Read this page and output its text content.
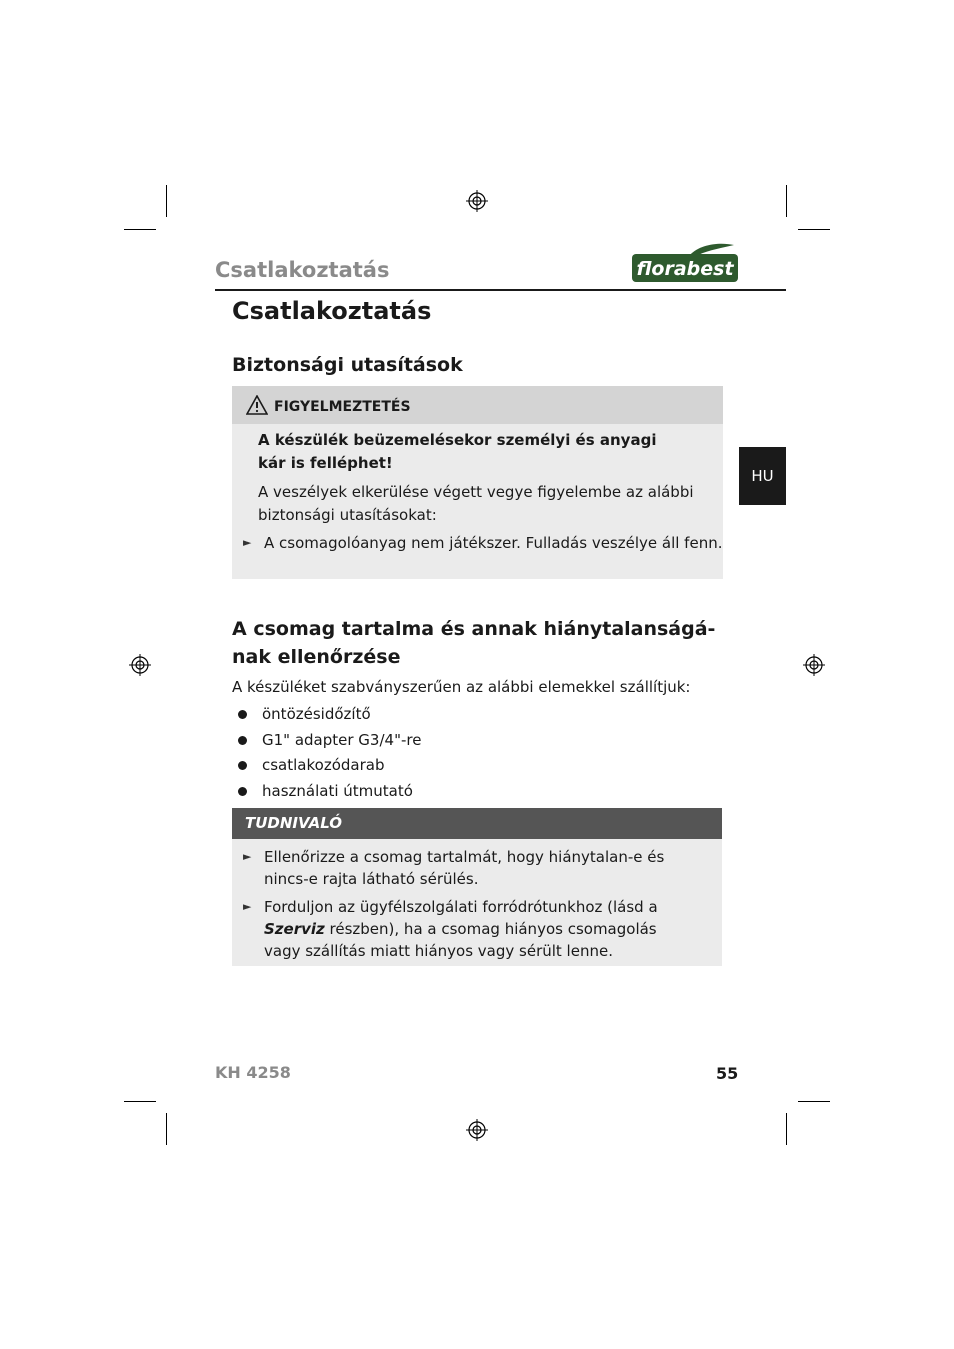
Csatlakoztatás	florabest
Csatlakoztatás
Biztonsági utasítások
FIGYELMEZTETÉS
A készülék beüzemelésekor személyi és anyagi
kár is felléphet!
A veszélyek elkerülése végett vegye figyelembe az alábbi
biztonsági utasításokat:
► A csomagolóanyag nem játékszer. Fulladás veszélye áll fenn.
HU
A csomag tartalma és annak hiánytalanságá-
nak ellenőrzése
A készüléket szabványszerűen az alábbi elemekkel szállítjuk:
öntözésidőzítő
G1" adapter G3/4"-re
csatlakozódarab
használati útmutató
TUDNIVALÓ
► Ellenőrizze a csomag tartalmát, hogy hiánytalan-e és
nincs-e rajta látható sérülés.
► Forduljon az ügyfélszolgálati forródrótunkhoz (lásd a
Szerviz részben), ha a csomag hiányos csomagolás
vagy szállítás miatt hiányos vagy sérült lenne.
KH 4258	55
